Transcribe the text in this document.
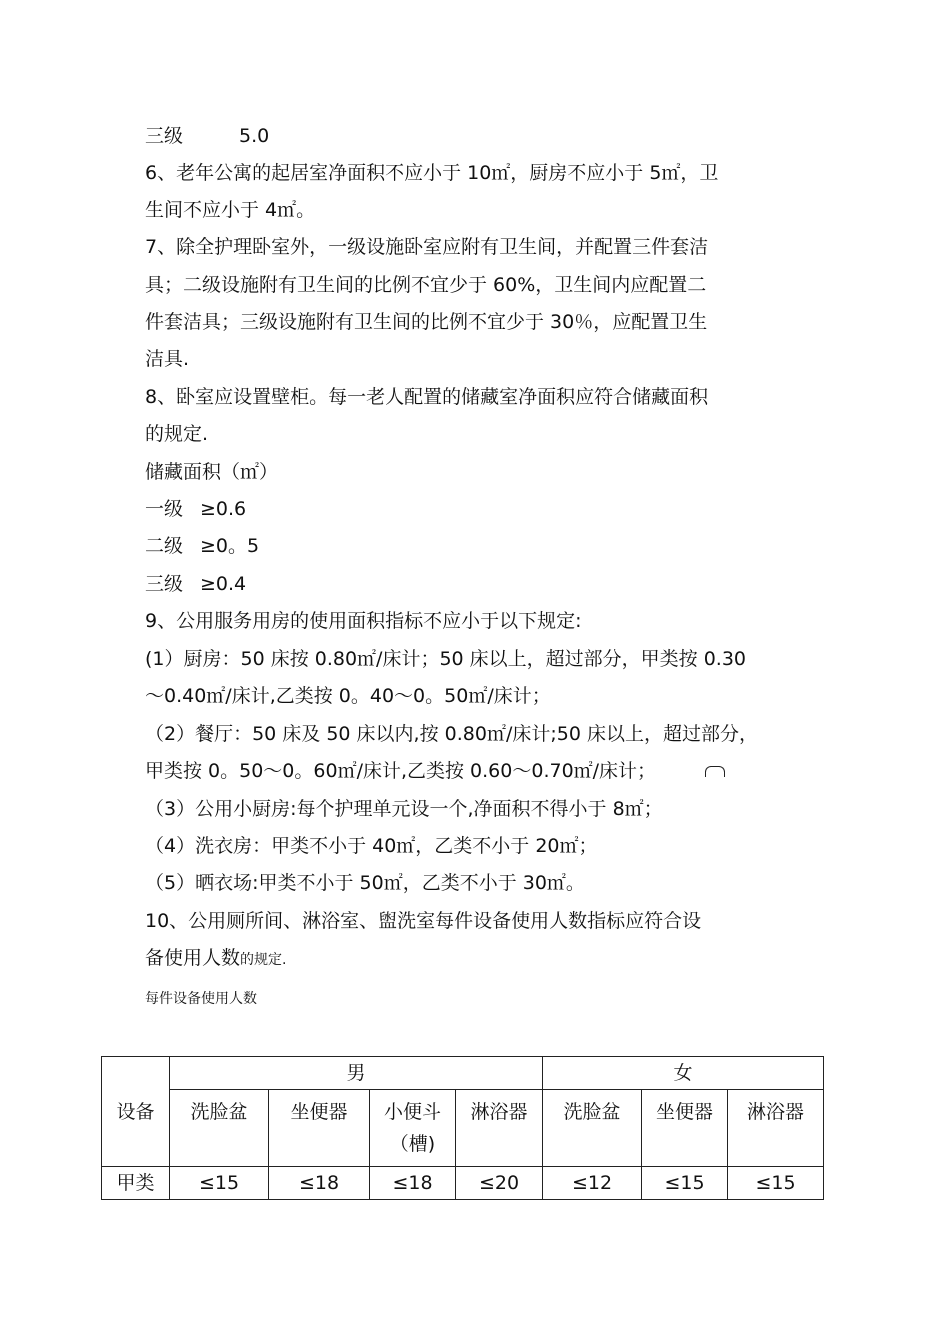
三级	5.0
6、老年公寓的起居室净面积不应小于 10㎡，厨房不应小于 5㎡，卫
生间不应小于 4㎡。
7、除全护理卧室外，一级设施卧室应附有卫生间，并配置三件套洁
具；二级设施附有卫生间的比例不宜少于 60%，卫生间内应配置二
件套洁具；三级设施附有卫生间的比例不宜少于 30％，应配置卫生
洁具.
8、卧室应设置壁柜。每一老人配置的储藏室净面积应符合储藏面积
的规定.
储藏面积（㎡）
一级 ≥0.6
二级 ≥0。5
三级 ≥0.4
9、公用服务用房的使用面积指标不应小于以下规定:
(1）厨房：50 床按 0.80㎡/床计；50 床以上，超过部分，甲类按 0.30
～0.40㎡/床计,乙类按 0。40～0。50㎡/床计；
（2）餐厅：50 床及 50 床以内,按 0.80㎡/床计;50 床以上，超过部分，
甲类按 0。50～0。60㎡/床计,乙类按 0.60～0.70㎡/床计；
（3）公用小厨房:每个护理单元设一个,净面积不得小于 8㎡；
（4）洗衣房：甲类不小于 40㎡，乙类不小于 20㎡；
（5）晒衣场:甲类不小于 50㎡，乙类不小于 30㎡。
10、公用厕所间、淋浴室、盥洗室每件设备使用人数指标应符合设
备使用人数的规定.
每件设备使用人数
设备	男				女		
	洗脸盆	坐便器	小便斗（槽)	淋浴器	洗脸盆	坐便器	淋浴器
甲类	≤15	≤18	≤18	≤20	≤12	≤15	≤15
